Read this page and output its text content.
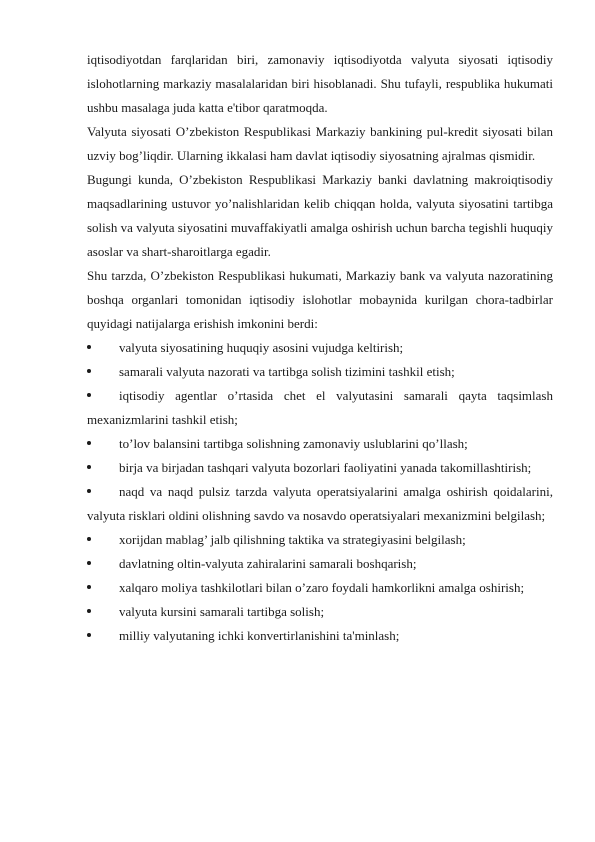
iqtisodiyotdan farqlaridan biri, zamonaviy iqtisodiyotda valyuta siyosati iqtisodiy islohotlarning markaziy masalalaridan biri hisoblanadi. Shu tufayli, respublika hukumati ushbu masalaga juda katta e'tibor qaratmoqda.

Valyuta siyosati O’zbekiston Respublikasi Markaziy bankining pul-kredit siyosati bilan uzviy bog’liqdir. Ularning ikkalasi ham davlat iqtisodiy siyosatning ajralmas qismidir.

Bugungi kunda, O’zbekiston Respublikasi Markaziy banki davlatning makroiqtisodiy maqsadlarining ustuvor yo’nalishlaridan kelib chiqqan holda, valyuta siyosatini tartibga solish va valyuta siyosatini muvaffakiyatli amalga oshirish uchun barcha tegishli huquqiy asoslar va shart-sharoitlarga egadir.

Shu tarzda, O’zbekiston Respublikasi hukumati, Markaziy bank va valyuta nazoratining boshqa organlari tomonidan iqtisodiy islohotlar mobaynida kurilgan chora-tadbirlar quyidagi natijalarga erishish imkonini berdi:

valyuta siyosatining huquqiy asosini vujudga keltirish;

samarali valyuta nazorati va tartibga solish tizimini tashkil etish;

iqtisodiy agentlar o’rtasida chet el valyutasini samarali qayta taqsimlash mexanizmlarini tashkil etish;

to’lov balansini tartibga solishning zamonaviy uslublarini qo’llash;

birja va birjadan tashqari valyuta bozorlari faoliyatini yanada takomillashtirish;

naqd va naqd pulsiz tarzda valyuta operatsiyalarini amalga oshirish qoidalarini, valyuta risklari oldini olishning savdo va nosavdo operatsiyalari mexanizmini belgilash;

xorijdan mablag’ jalb qilishning taktika va strategiyasini belgilash;

davlatning oltin-valyuta zahiralarini samarali boshqarish;

xalqaro moliya tashkilotlari bilan o’zaro foydali hamkorlikni amalga oshirish;

valyuta kursini samarali tartibga solish;

milliy valyutaning ichki konvertirlanishini ta'minlash;
